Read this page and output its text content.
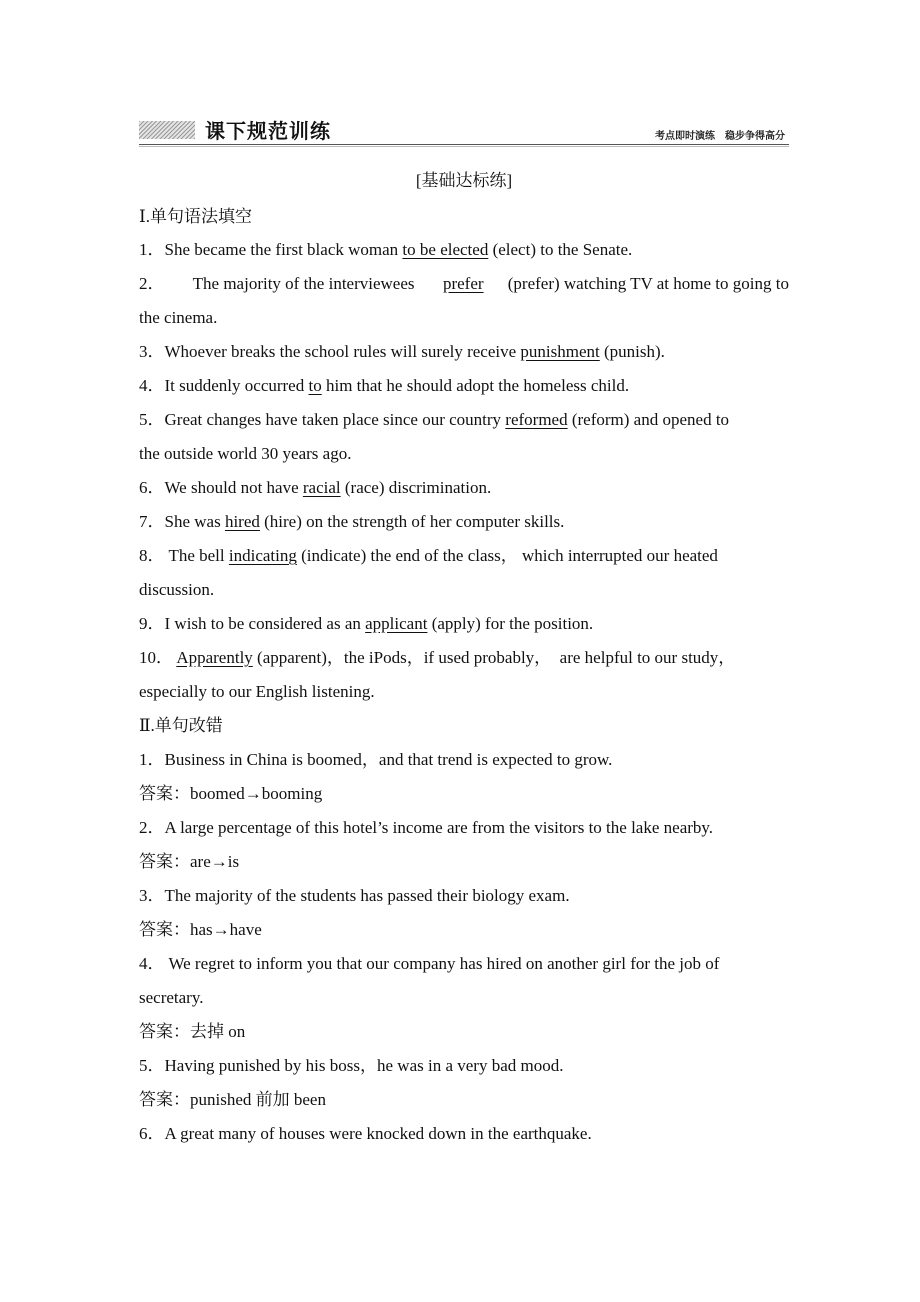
课下规范训练	考点即时演练 稳步争得高分
[基础达标练]
Ⅰ.单句语法填空
1．She became the first black woman to be elected (elect) to the Senate.
2． The majority of the interviewees prefer (prefer) watching TV at home to going to
the cinema.
3．Whoever breaks the school rules will surely receive punishment (punish).
4．It suddenly occurred to him that he should adopt the homeless child.
5．Great changes have taken place since our country reformed (reform) and opened to
the outside world 30 years ago.
6．We should not have racial (race) discrimination.
7．She was hired (hire) on the strength of her computer skills.
8． The bell indicating (indicate) the end of the class， which interrupted our heated
discussion.
9．I wish to be considered as an applicant (apply) for the position.
10． Apparently (apparent)，the iPods，if used probably，  are helpful to our study，
especially to our English listening.
Ⅱ.单句改错
1．Business in China is boomed，and that trend is expected to grow.
答案：boomed→booming
2．A large percentage of this hotel’s income are from the visitors to the lake nearby.
答案：are→is
3．The majority of the students has passed their biology exam.
答案：has→have
4． We regret to inform you that our company has hired on another girl for the job of
secretary.
答案：去掉 on
5．Having punished by his boss，he was in a very bad mood.
答案：punished 前加 been
6．A great many of houses were knocked down in the earthquake.
